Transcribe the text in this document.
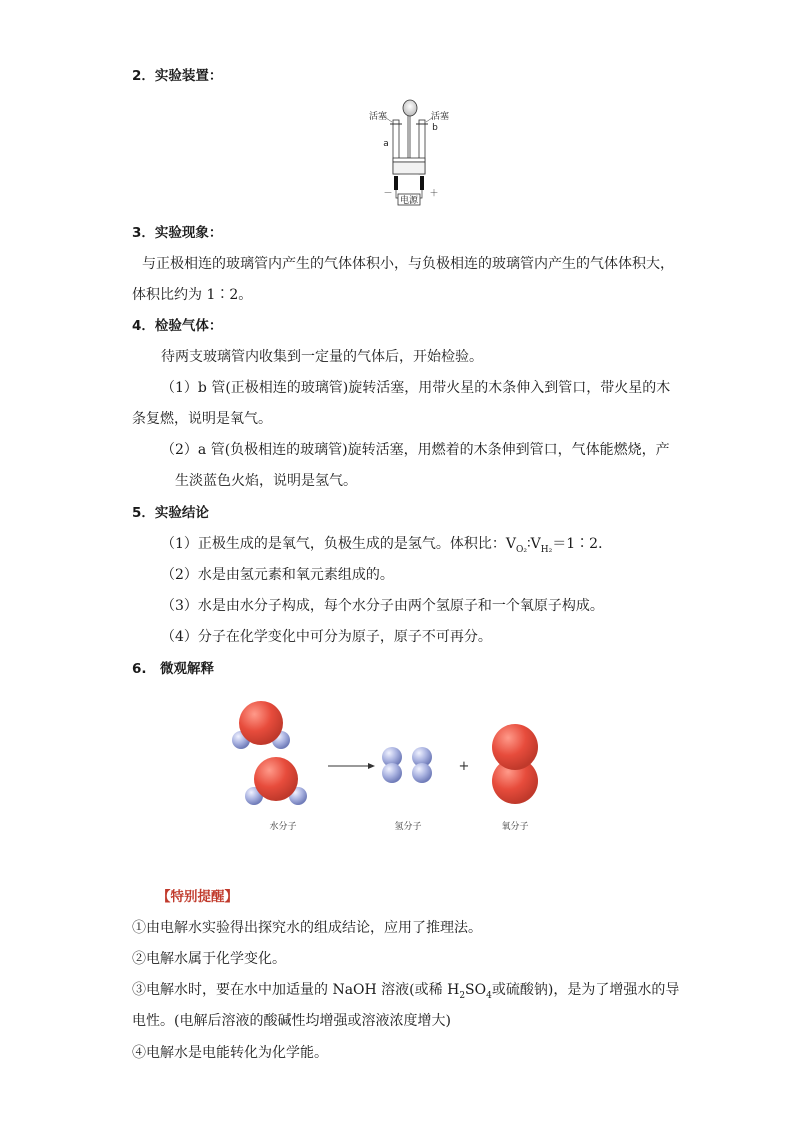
2．实验装置：
电源
活塞	活塞
a
b
－	＋
3．实验现象：
与正极相连的玻璃管内产生的气体体积小，与负极相连的玻璃管内产生的气体体积大，
体积比约为 1∶2。
4．检验气体：
待两支玻璃管内收集到一定量的气体后，开始检验。
（1）b 管(正极相连的玻璃管)旋转活塞，用带火星的木条伸入到管口，带火星的木
条复燃，说明是氧气。
（2）a 管(负极相连的玻璃管)旋转活塞，用燃着的木条伸到管口，气体能燃烧，产
生淡蓝色火焰，说明是氢气。
5．实验结论
（1）正极生成的是氧气，负极生成的是氢气。体积比：$V_{O_2}∶V_{H_2}=1∶2$．
（2）水是由氢元素和氧元素组成的。
（3）水是由水分子构成，每个水分子由两个氢原子和一个氧原子构成。
（4）分子在化学变化中可分为原子，原子不可再分。
6.　微观解释
+
水分子	氢分子	氧分子
【特别提醒】
①由电解水实验得出探究水的组成结论，应用了推理法。
②电解水属于化学变化。
③电解水时，要在水中加适量的 NaOH 溶液(或稀 $H_2SO_4$或硫酸钠)，是为了增强水的导
电性。(电解后溶液的酸碱性均增强或溶液浓度增大)
④电解水是电能转化为化学能。
